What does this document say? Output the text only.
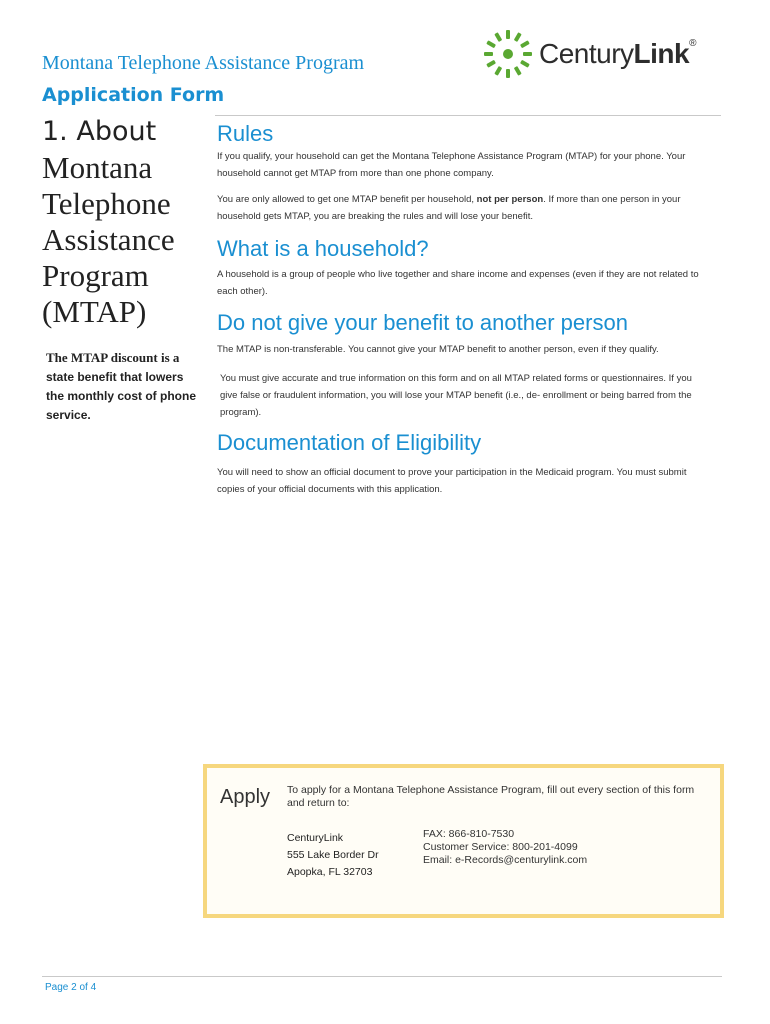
Montana Telephone Assistance Program
Application Form
CenturyLink®
1. About
Montana
Telephone
Assistance
Program
(MTAP)
The MTAP discount is a state benefit that lowers the monthly cost of phone service.
Rules
If you qualify, your household can get the Montana Telephone Assistance Program (MTAP) for your phone. Your household cannot get MTAP from more than one phone company.
You are only allowed to get one MTAP benefit per household, not per person. If more than one person in your household gets MTAP, you are breaking the rules and will lose your benefit.
What is a household?
A household is a group of people who live together and share income and expenses (even if they are not related to each other).
Do not give your benefit to another person
The MTAP is non-transferable. You cannot give your MTAP benefit to another person, even if they qualify.
You must give accurate and true information on this form and on all MTAP related forms or questionnaires. If you give false or fraudulent information, you will lose your MTAP benefit (i.e., de- enrollment or being barred from the program).
Documentation of Eligibility
You will need to show an official document to prove your participation in the Medicaid program. You must submit copies of your official documents with this application.
Apply To apply for a Montana Telephone Assistance Program, fill out every section of this form and return to:
CenturyLink
555 Lake Border Dr
Apopka, FL 32703
FAX: 866-810-7530
Customer Service: 800-201-4099
Email: e-Records@centurylink.com
Page 2 of 4
